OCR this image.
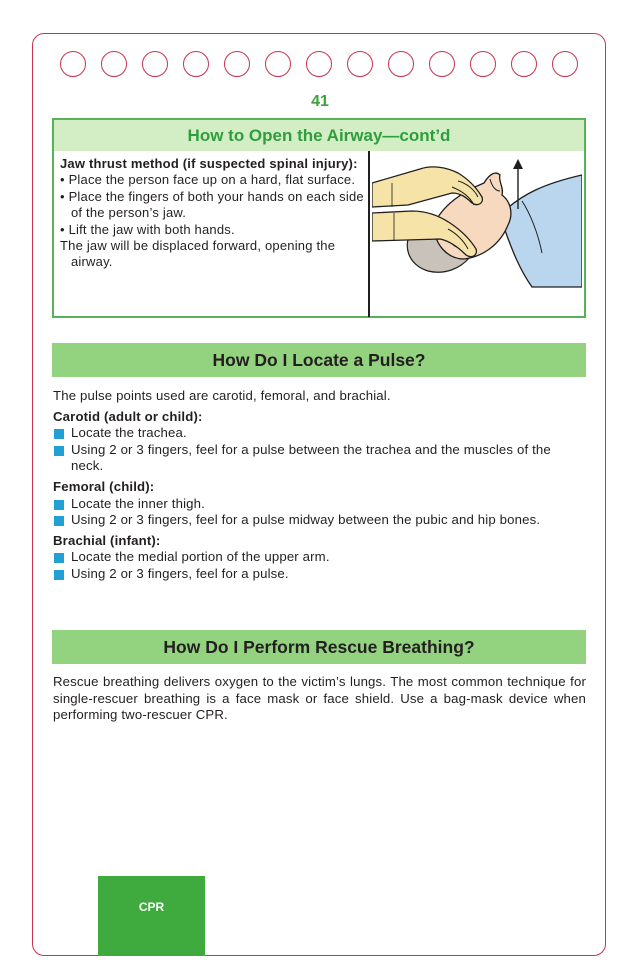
41
How to Open the Airway—cont’d
Jaw thrust method (if suspected spinal injury):
• Place the person face up on a hard, flat surface.
• Place the fingers of both your hands on each side of the person’s jaw.
• Lift the jaw with both hands.
The jaw will be displaced forward, opening the airway.
How Do I Locate a Pulse?

The pulse points used are carotid, femoral, and brachial.

Carotid (adult or child):

Locate the trachea.

Using 2 or 3 fingers, feel for a pulse between the trachea and the muscles of the neck.

Femoral (child):

Locate the inner thigh.

Using 2 or 3 fingers, feel for a pulse midway between the pubic and hip bones.

Brachial (infant):

Locate the medial portion of the upper arm.

Using 2 or 3 fingers, feel for a pulse.

How Do I Perform Rescue Breathing?
Rescue breathing delivers oxygen to the victim’s lungs. The most common technique for single-rescuer breathing is a face mask or face shield. Use a bag-mask device when performing two-rescuer CPR.
CPR
